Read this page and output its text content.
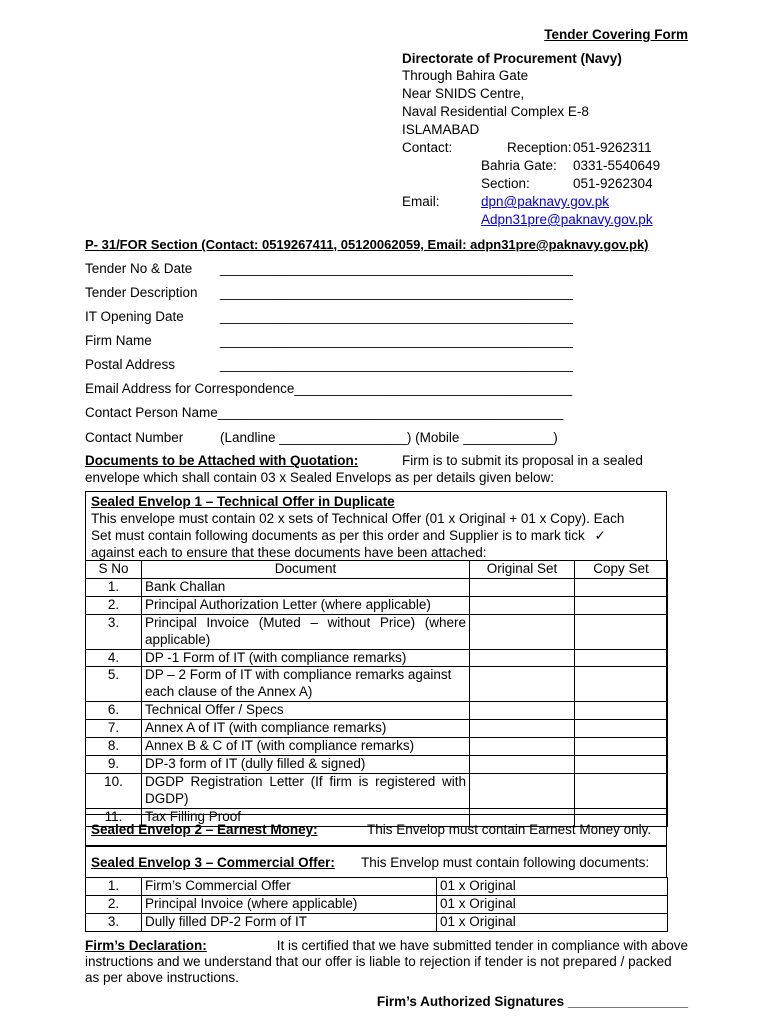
Tender Covering Form
Directorate of Procurement (Navy)
Through Bahira Gate
Near SNIDS Centre,
Naval Residential Complex E-8
ISLAMABAD
Contact:	Reception: 051-9262311
Bahria Gate: 0331-5540649
Section:	051-9262304
Email:	dpn@paknavy.gov.pk
Adpn31pre@paknavy.gov.pk
P- 31/FOR Section (Contact: 0519267411, 05120062059, Email: adpn31pre@paknavy.gov.pk)
Tender No & Date _______________________________________________
Tender Description _______________________________________________
IT Opening Date	_______________________________________________
Firm Name	_______________________________________________
Postal Address	_______________________________________________
Email Address for Correspondence_____________________________________
Contact Person Name______________________________________________
Contact Number	(Landline _________________) (Mobile ____________)
Documents to be Attached with Quotation:	Firm is to submit its proposal in a sealed
envelope which shall contain 03 x Sealed Envelops as per details given below:
Sealed Envelop 1 – Technical Offer in Duplicate
This envelope must contain 02 x sets of Technical Offer (01 x Original + 01 x Copy). Each
Set must contain following documents as per this order and Supplier is to mark tick ✓
against each to ensure that these documents have been attached:
S No	Document	Original Set	Copy Set
1.	Bank Challan		
2.	Principal Authorization Letter (where applicable)		
3.	Principal Invoice (Muted – without Price) (where applicable)		
4.	DP -1 Form of IT (with compliance remarks)		
5.	DP – 2 Form of IT with compliance remarks against each clause of the Annex A)		
6.	Technical Offer / Specs		
7.	Annex A of IT (with compliance remarks)		
8.	Annex B & C of IT (with compliance remarks)		
9.	DP-3 form of IT (dully filled & signed)		
10.	DGDP Registration Letter (If firm is registered with DGDP)		
11.	Tax Filling Proof		
Sealed Envelop 2 – Earnest Money:	This Envelop must contain Earnest Money only.
Sealed Envelop 3 – Commercial Offer: This Envelop must contain following documents:
1.	Firm’s Commercial Offer	01 x Original
2.	Principal Invoice (where applicable)	01 x Original
3.	Dully filled DP-2 Form of IT	01 x Original
Firm’s Declaration:	It is certified that we have submitted tender in compliance with above
instructions and we understand that our offer is liable to rejection if tender is not prepared / packed
as per above instructions.
Firm’s Authorized Signatures ________________
